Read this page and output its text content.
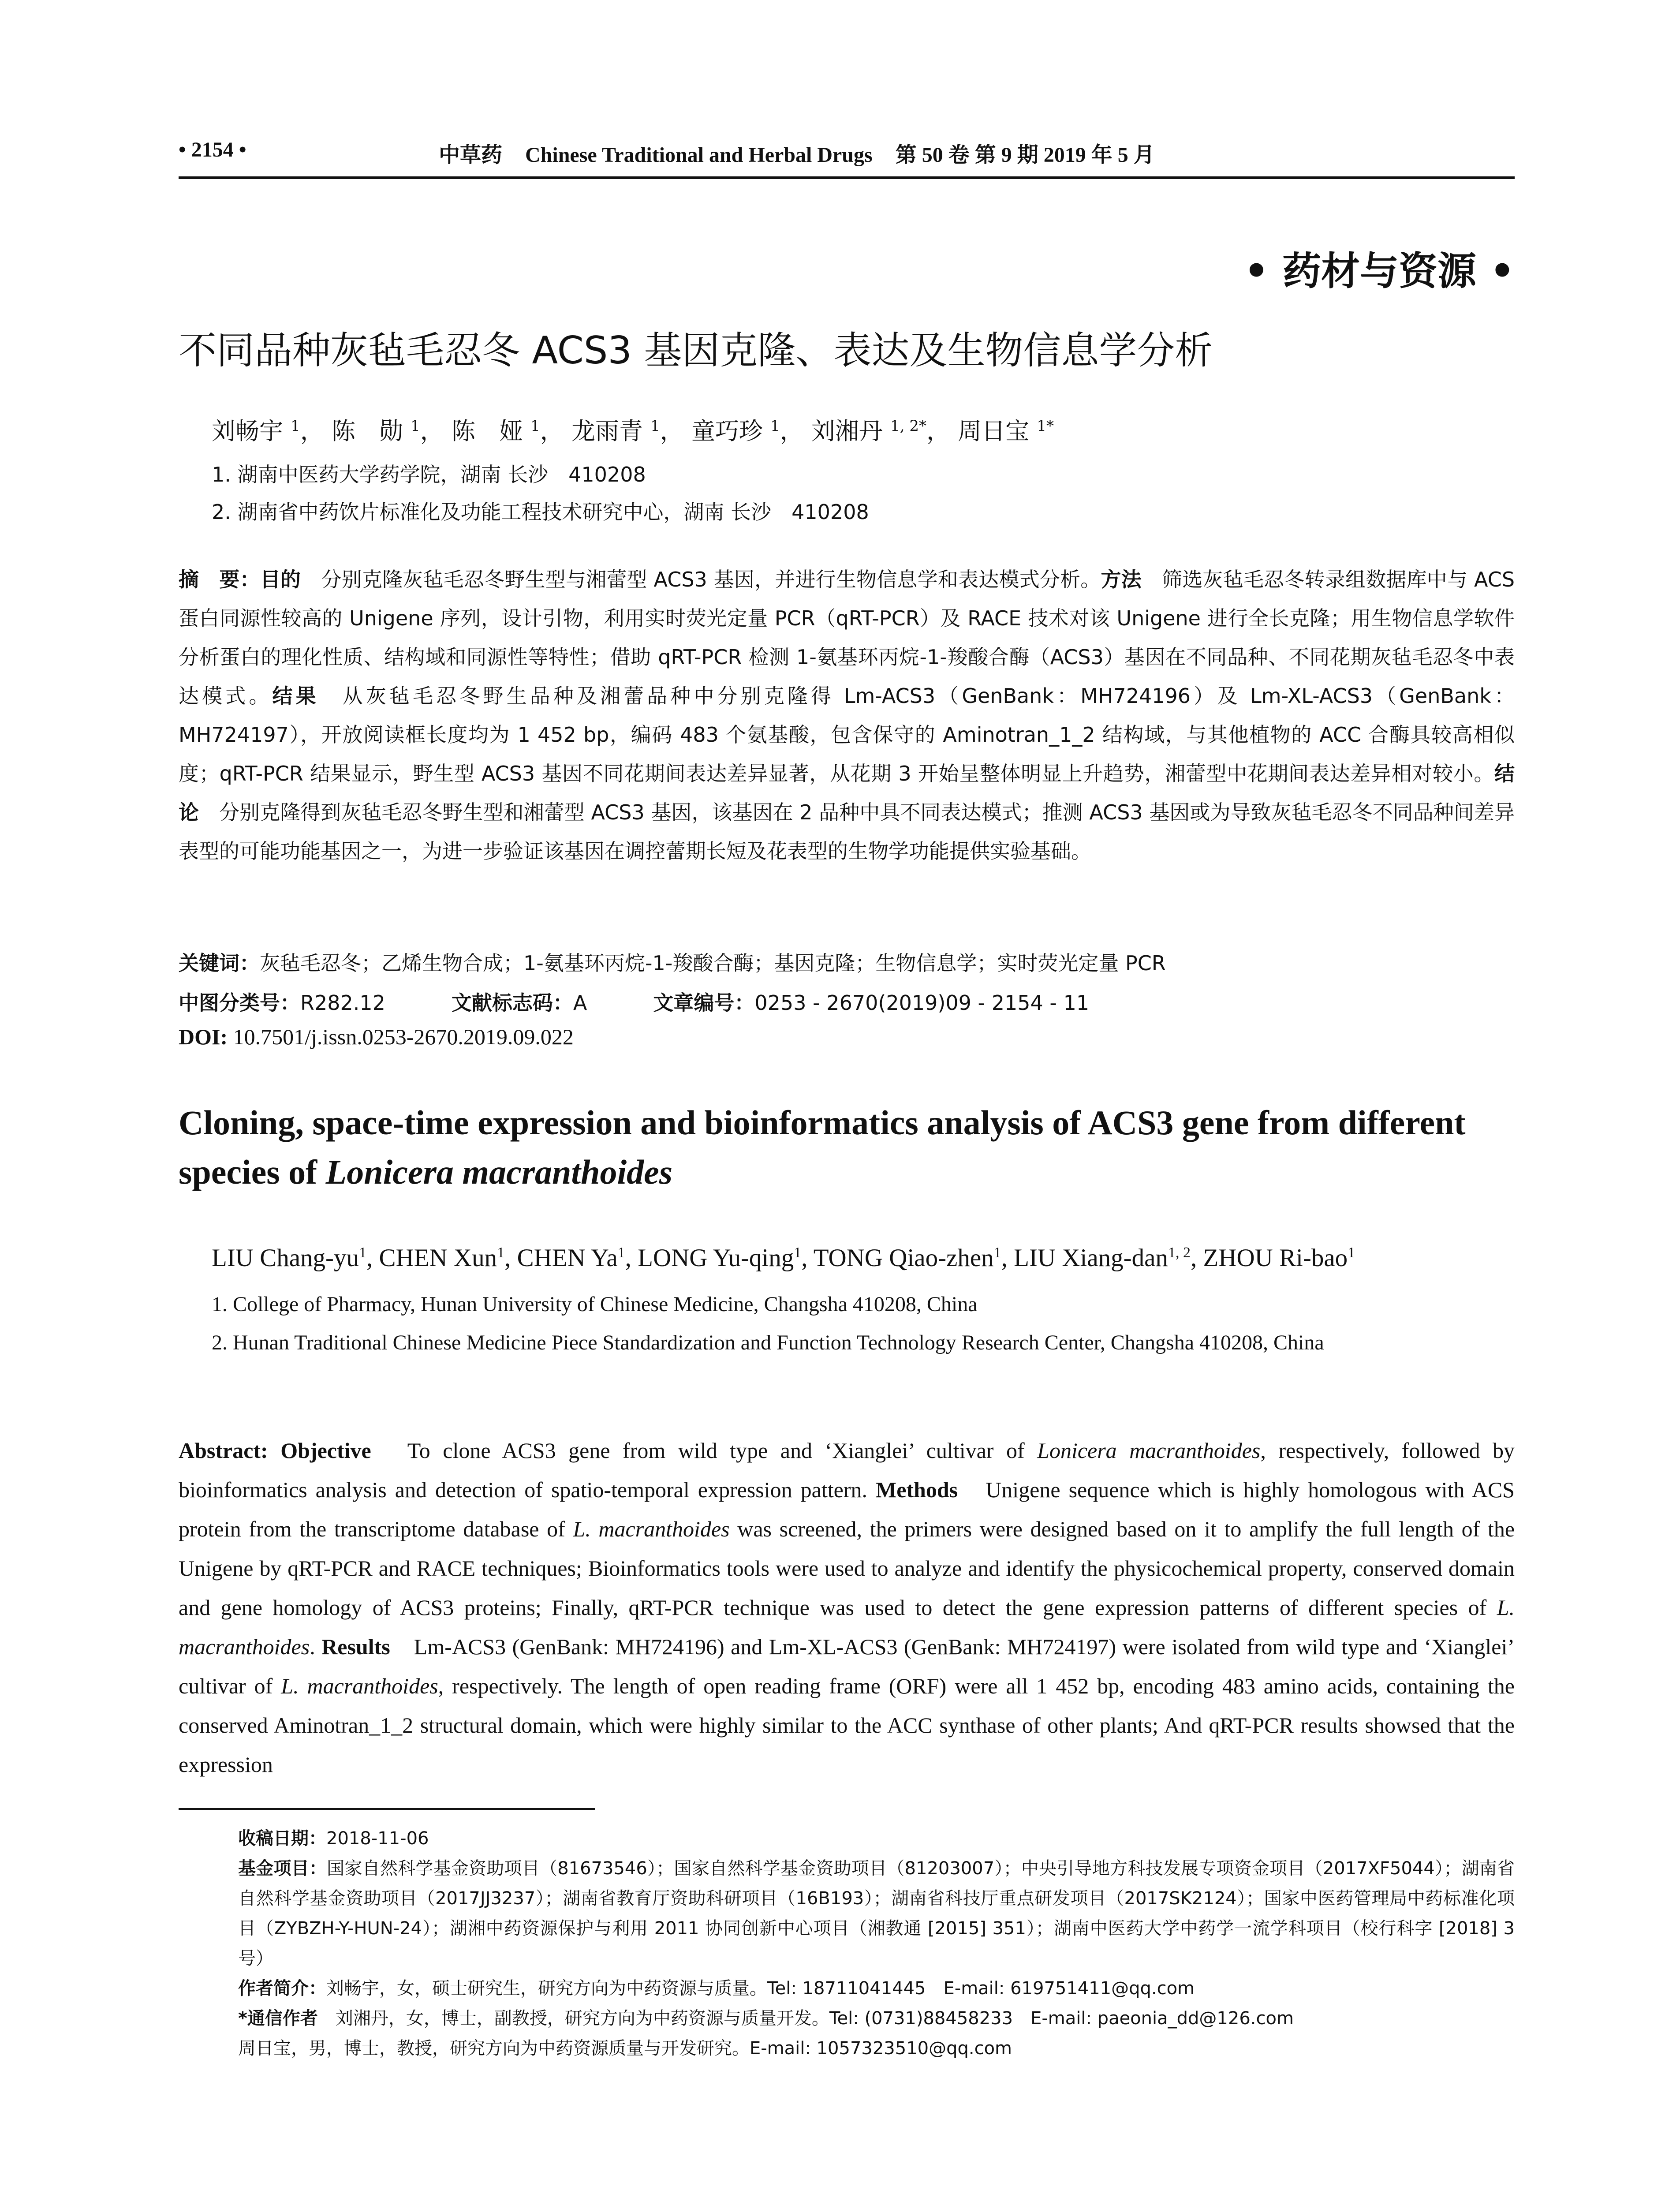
• 2154 •	中草药 Chinese Traditional and Herbal Drugs 第 50 卷 第 9 期 2019 年 5 月
• 药材与资源 •
不同品种灰毡毛忍冬 ACS3 基因克隆、表达及生物信息学分析
刘畅宇 $^1$， 陈　勋 $^1$， 陈　娅 $^1$， 龙雨青 $^1$， 童巧珍 $^1$， 刘湘丹 $^{1, 2*}$， 周日宝 $^{1*}$
1. 湖南中医药大学药学院，湖南 长沙　410208
2. 湖南省中药饮片标准化及功能工程技术研究中心，湖南 长沙　410208
摘　要：目的　分别克隆灰毡毛忍冬野生型与湘蕾型 ACS3 基因，并进行生物信息学和表达模式分析。方法　筛选灰毡毛忍冬转录组数据库中与 ACS 蛋白同源性较高的 Unigene 序列，设计引物，利用实时荧光定量 PCR（qRT-PCR）及 RACE 技术对该 Unigene 进行全长克隆；用生物信息学软件分析蛋白的理化性质、结构域和同源性等特性；借助 qRT-PCR 检测 1-氨基环丙烷-1-羧酸合酶（ACS3）基因在不同品种、不同花期灰毡毛忍冬中表达模式。结果　从灰毡毛忍冬野生品种及湘蕾品种中分别克隆得 Lm-ACS3（GenBank：MH724196）及 Lm-XL-ACS3（GenBank：MH724197），开放阅读框长度均为 1 452 bp，编码 483 个氨基酸，包含保守的 Aminotran_1_2 结构域，与其他植物的 ACC 合酶具较高相似度；qRT-PCR 结果显示，野生型 ACS3 基因不同花期间表达差异显著，从花期 3 开始呈整体明显上升趋势，湘蕾型中花期间表达差异相对较小。结论　分别克隆得到灰毡毛忍冬野生型和湘蕾型 ACS3 基因，该基因在 2 品种中具不同表达模式；推测 ACS3 基因或为导致灰毡毛忍冬不同品种间差异表型的可能功能基因之一，为进一步验证该基因在调控蕾期长短及花表型的生物学功能提供实验基础。
关键词：灰毡毛忍冬；乙烯生物合成；1-氨基环丙烷-1-羧酸合酶；基因克隆；生物信息学；实时荧光定量 PCR
中图分类号：R282.12	文献标志码：A	文章编号：0253 - 2670(2019)09 - 2154 - 11
DOI: 10.7501/j.issn.0253-2670.2019.09.022
Cloning, space-time expression and bioinformatics analysis of ACS3 gene from different species of Lonicera macranthoides
LIU Chang-$yu^1$, CHEN Xun$^1$, CHEN Ya$^1$, LONG Yu-qing$^1$, TONG Qiao-zhen$^1$, LIU Xiang-dan$^{1, 2}$, ZHOU Ri-bao$^1$
1. College of Pharmacy, Hunan University of Chinese Medicine, Changsha 410208, China
2. Hunan Traditional Chinese Medicine Piece Standardization and Function Technology Research Center, Changsha 410208, China
Abstract: Objective　To clone ACS3 gene from wild type and ‘Xianglei’ cultivar of Lonicera macranthoides, respectively, followed by bioinformatics analysis and detection of spatio-temporal expression pattern. Methods　Unigene sequence which is highly homologous with ACS protein from the transcriptome database of L. macranthoides was screened, the primers were designed based on it to amplify the full length of the Unigene by qRT-PCR and RACE techniques; Bioinformatics tools were used to analyze and identify the physicochemical property, conserved domain and gene homology of ACS3 proteins; Finally, qRT-PCR technique was used to detect the gene expression patterns of different species of L. macranthoides. Results　Lm-ACS3 (GenBank: MH724196) and Lm-XL-ACS3 (GenBank: MH724197) were isolated from wild type and ‘Xianglei’ cultivar of L. macranthoides, respectively. The length of open reading frame (ORF) were all 1 452 bp, encoding 483 amino acids, containing the conserved Aminotran_1_2 structural domain, which were highly similar to the ACC synthase of other plants; And qRT-PCR results showsed that the expression
收稿日期：2018-11-06
基金项目：国家自然科学基金资助项目（81673546）；国家自然科学基金资助项目（81203007）；中央引导地方科技发展专项资金项目（2017XF5044）；湖南省自然科学基金资助项目（2017JJ3237）；湖南省教育厅资助科研项目（16B193）；湖南省科技厅重点研发项目（2017SK2124）；国家中医药管理局中药标准化项目（ZYBZH-Y-HUN-24）；湖湘中药资源保护与利用 2011 协同创新中心项目（湘教通 [2015] 351）；湖南中医药大学中药学一流学科项目（校行科字 [2018] 3 号）
作者简介：刘畅宇，女，硕士研究生，研究方向为中药资源与质量。Tel: 18711041445　E-mail: 619751411@qq.com
*通信作者　刘湘丹，女，博士，副教授，研究方向为中药资源与质量开发。Tel: (0731)88458233　E-mail: paeonia_dd@126.com
周日宝，男，博士，教授，研究方向为中药资源质量与开发研究。E-mail: 1057323510@qq.com
